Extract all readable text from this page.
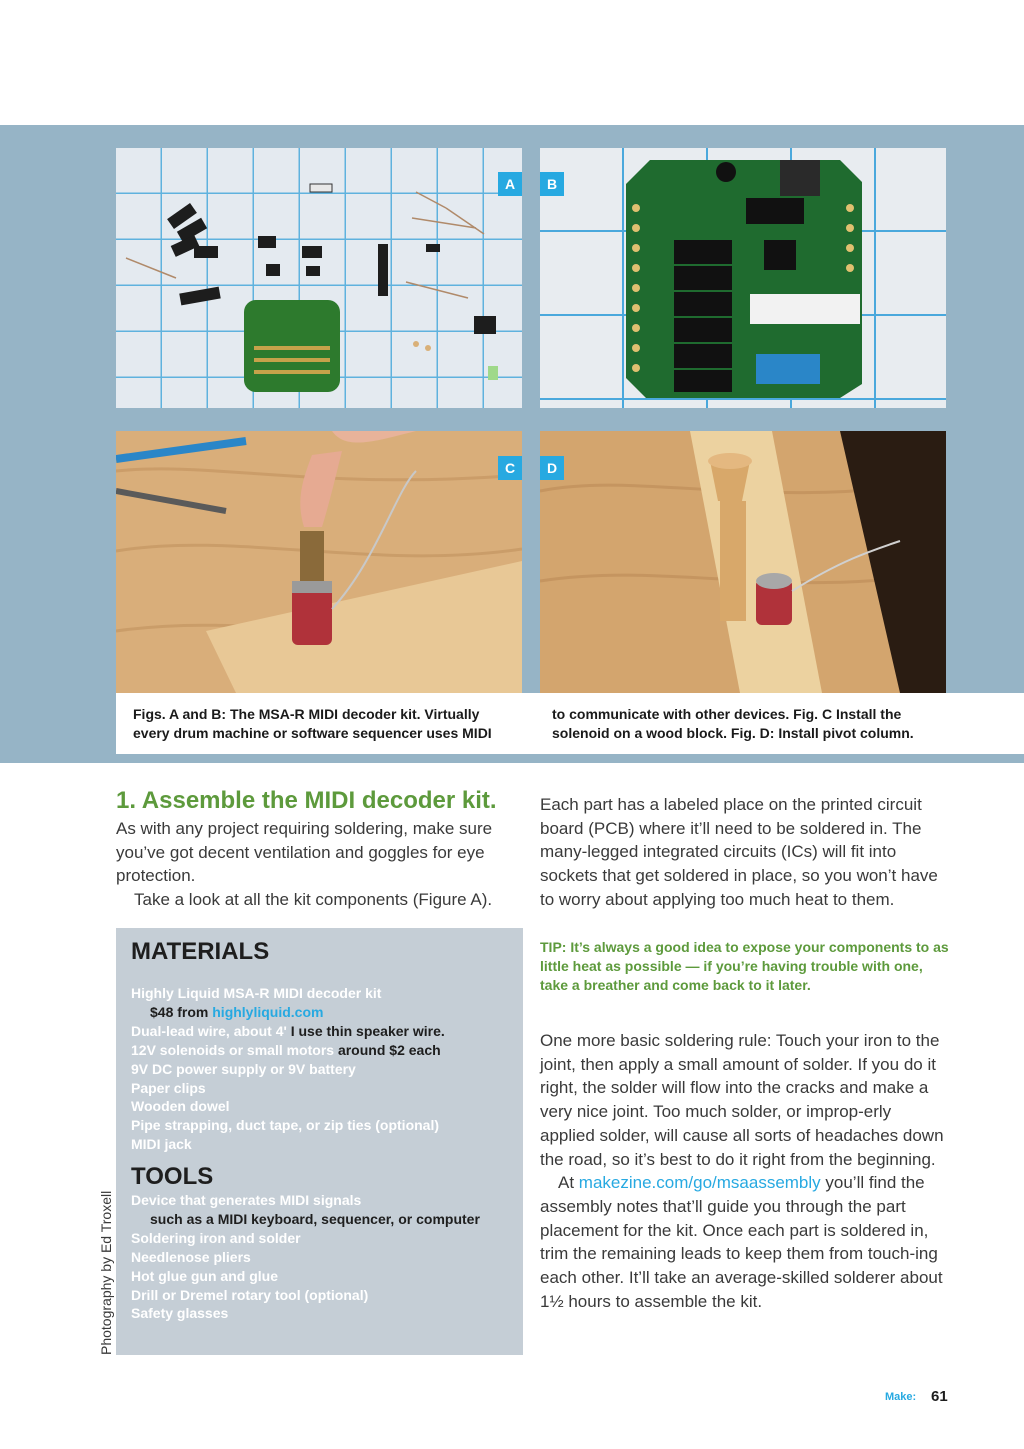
A	B
C	D
Figs. A and B: The MSA-R MIDI decoder kit. Virtually
every drum machine or software sequencer uses MIDI
to communicate with other devices. Fig. C Install the
solenoid on a wood block. Fig. D: Install pivot column.
1. Assemble the MIDI decoder kit.

As with any project requiring soldering, make sure you’ve got decent ventilation and goggles for eye protection.

Take a look at all the kit components (Figure A).

MATERIALS
Highly Liquid MSA-R MIDI decoder kit
$48 from highlyliquid.com
Dual-lead wire, about 4' I use thin speaker wire.
12V solenoids or small motors around $2 each
9V DC power supply or 9V battery
Paper clips
Wooden dowel
Pipe strapping, duct tape, or zip ties (optional)
MIDI jack
TOOLS
Device that generates MIDI signals
such as a MIDI keyboard, sequencer, or computer
Soldering iron and solder
Needlenose pliers
Hot glue gun and glue
Drill or Dremel rotary tool (optional)
Safety glasses

Each part has a labeled place on the printed circuit board (PCB) where it’ll need to be soldered in. The many-legged integrated circuits (ICs) will fit into sockets that get soldered in place, so you won’t have to worry about applying too much heat to them.

TIP: It’s always a good idea to expose your components to as little heat as possible — if you’re having trouble with one, take a breather and come back to it later.

One more basic soldering rule: Touch your iron to the joint, then apply a small amount of solder. If you do it right, the solder will flow into the cracks and make a very nice joint. Too much solder, or improp-erly applied solder, will cause all sorts of headaches down the road, so it’s best to do it right from the beginning.

At makezine.com/go/msaassembly you’ll find the assembly notes that’ll guide you through the part placement for the kit. Once each part is soldered in, trim the remaining leads to keep them from touch-ing each other. It’ll take an average-skilled solderer about 1½ hours to assemble the kit.

Photography by Ed Troxell
Make: 61
